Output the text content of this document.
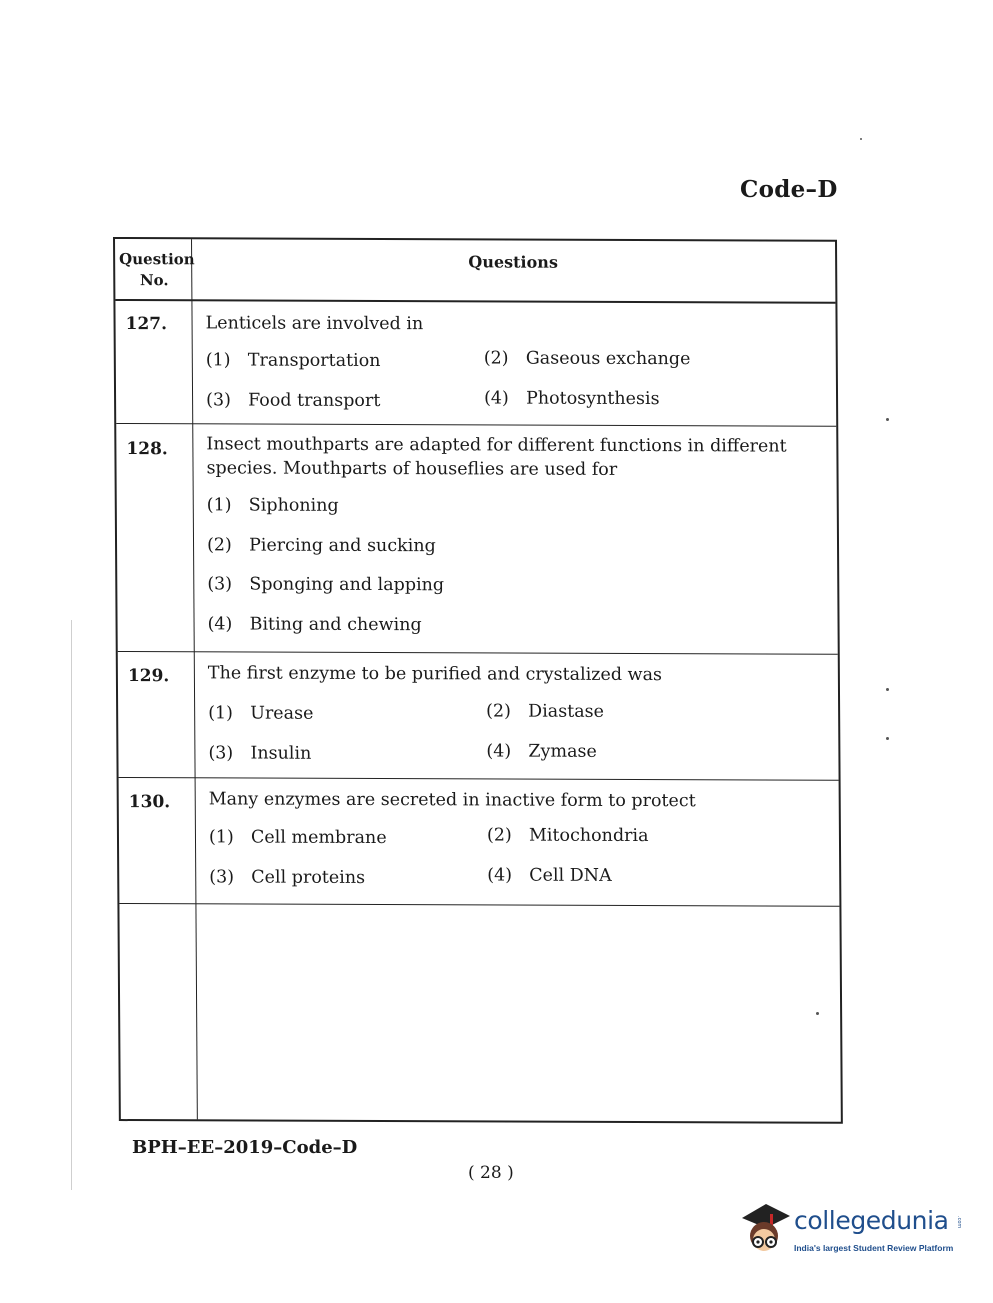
Code–D
Question No.
Questions
127.	Lenticels are involved in
(1) Transportation	(2) Gaseous exchange
(3) Food transport	(4) Photosynthesis
128.	Insect mouthparts are adapted for different functions in different species. Mouthparts of houseflies are used for
(1) Siphoning
(2) Piercing and sucking
(3) Sponging and lapping
(4) Biting and chewing
129.	The first enzyme to be purified and crystalized was
(1) Urease	(2) Diastase
(3) Insulin	(4) Zymase
130.	Many enzymes are secreted in inactive form to protect
(1) Cell membrane	(2) Mitochondria
(3) Cell proteins	(4) Cell DNA
BPH–EE–2019–Code–D
( 28 )
collegedunia .com
India's largest Student Review Platform
